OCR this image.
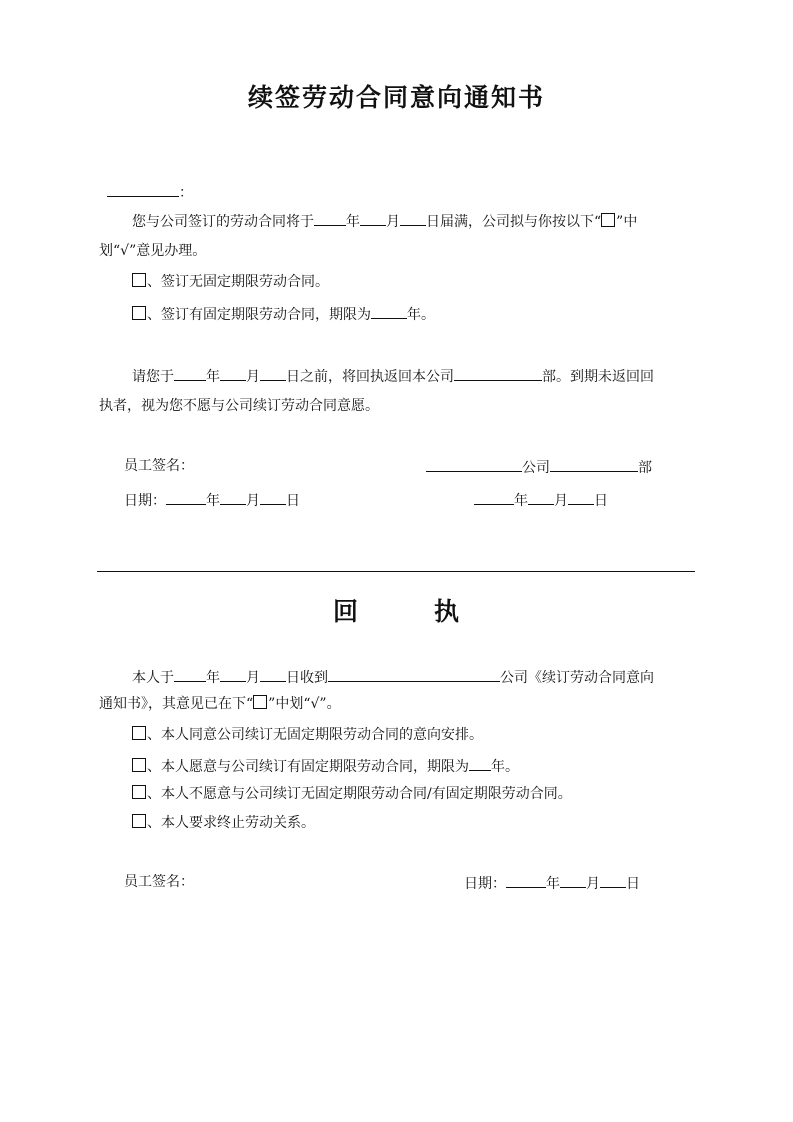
续签劳动合同意向通知书
：
您与公司签订的劳动合同将于 年 月 日届满，公司拟与你按以下“ ”中
划“√”意见办理。
、签订无固定期限劳动合同。
、签订有固定期限劳动合同，期限为	年。
请您于 年 月 日之前，将回执返回本公司	部。到期未返回回
执者，视为您不愿与公司续订劳动合同意愿。
员工签名：	公司	部
日期：	年 月 日	年 月 日
回	执
本人于 年 月 日收到	公司《续订劳动合同意向
通知书》，其意见已在下“ ”中划“√”。
、本人同意公司续订无固定期限劳动合同的意向安排。
、本人愿意与公司续订有固定期限劳动合同，期限为 年。
、本人不愿意与公司续订无固定期限劳动合同/有固定期限劳动合同。
、本人要求终止劳动关系。
员工签名：	日期：	年 月 日
